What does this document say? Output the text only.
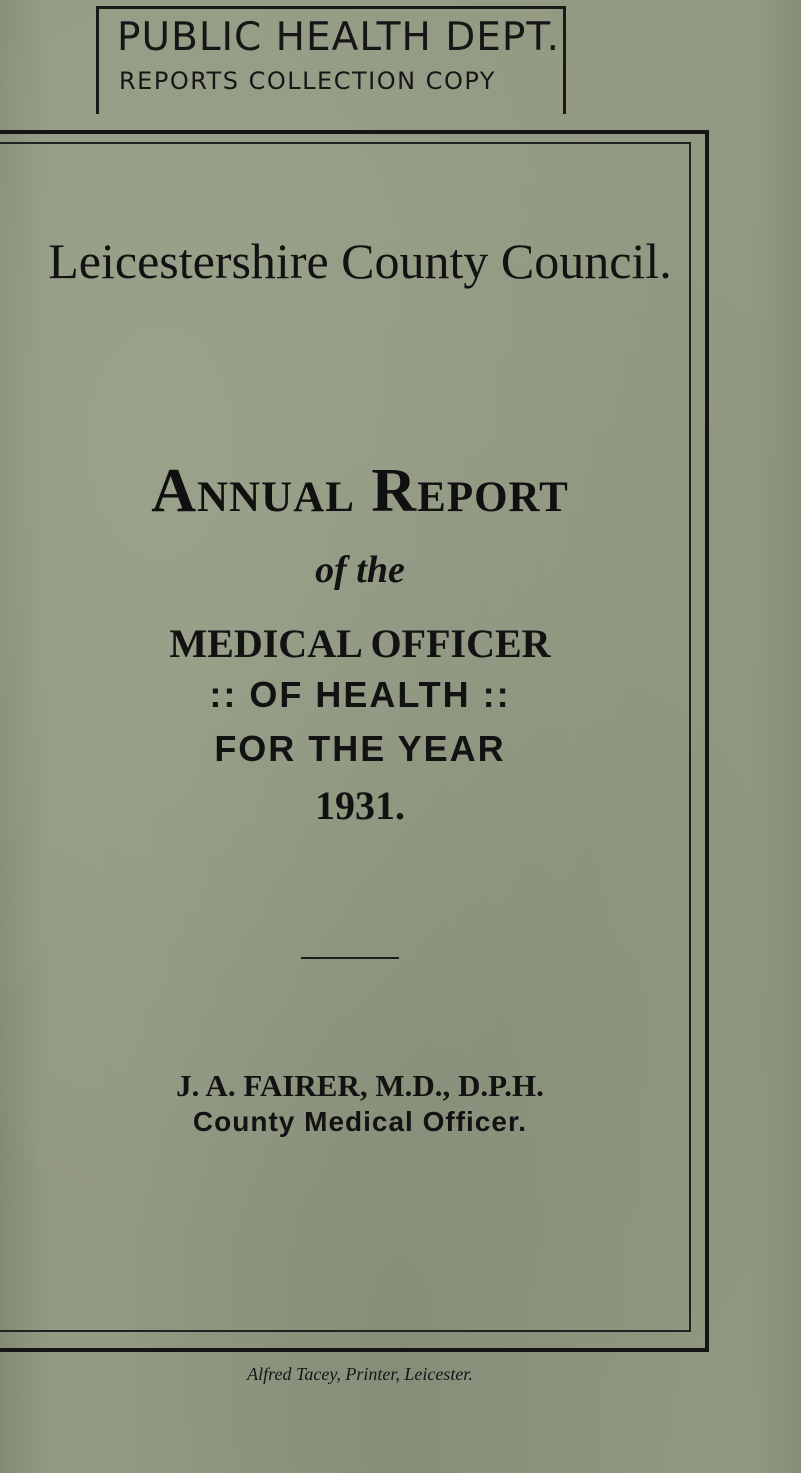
PUBLIC HEALTH DEPT.
REPORTS COLLECTION COPY
Leicestershire County Council.
Annual Report
of the
MEDICAL OFFICER
:: OF HEALTH ::
FOR THE YEAR
1931.
J. A. FAIRER, M.D., D.P.H.
County Medical Officer.
Alfred Tacey, Printer, Leicester.
